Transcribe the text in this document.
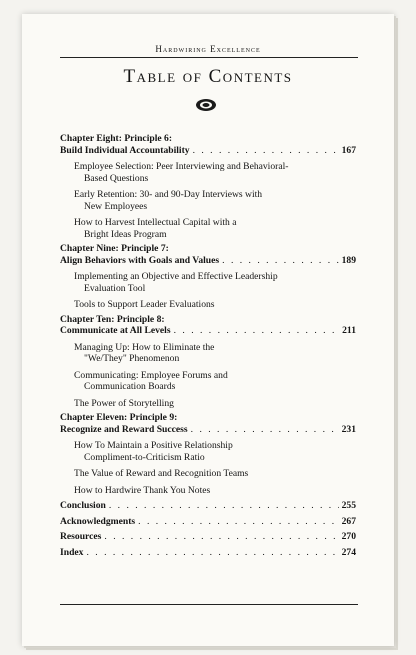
Hardwiring Excellence
Table of Contents
Chapter Eight: Principle 6:
Build Individual Accountability . . .	167
Employee Selection: Peer Interviewing and Behavioral-
Based Questions
Early Retention: 30- and 90-Day Interviews with
New Employees
How to Harvest Intellectual Capital with a
Bright Ideas Program
Chapter Nine: Principle 7:
Align Behaviors with Goals and Values . . .	189
Implementing an Objective and Effective Leadership
Evaluation Tool
Tools to Support Leader Evaluations
Chapter Ten: Principle 8:
Communicate at All Levels . . .	211
Managing Up: How to Eliminate the
"We/They" Phenomenon
Communicating: Employee Forums and
Communication Boards
The Power of Storytelling
Chapter Eleven: Principle 9:
Recognize and Reward Success . . .	231
How To Maintain a Positive Relationship
Compliment-to-Criticism Ratio
The Value of Reward and Recognition Teams
How to Hardwire Thank You Notes
Conclusion . . .	255
Acknowledgments . . .	267
Resources . . .	270
Index . . .	274
